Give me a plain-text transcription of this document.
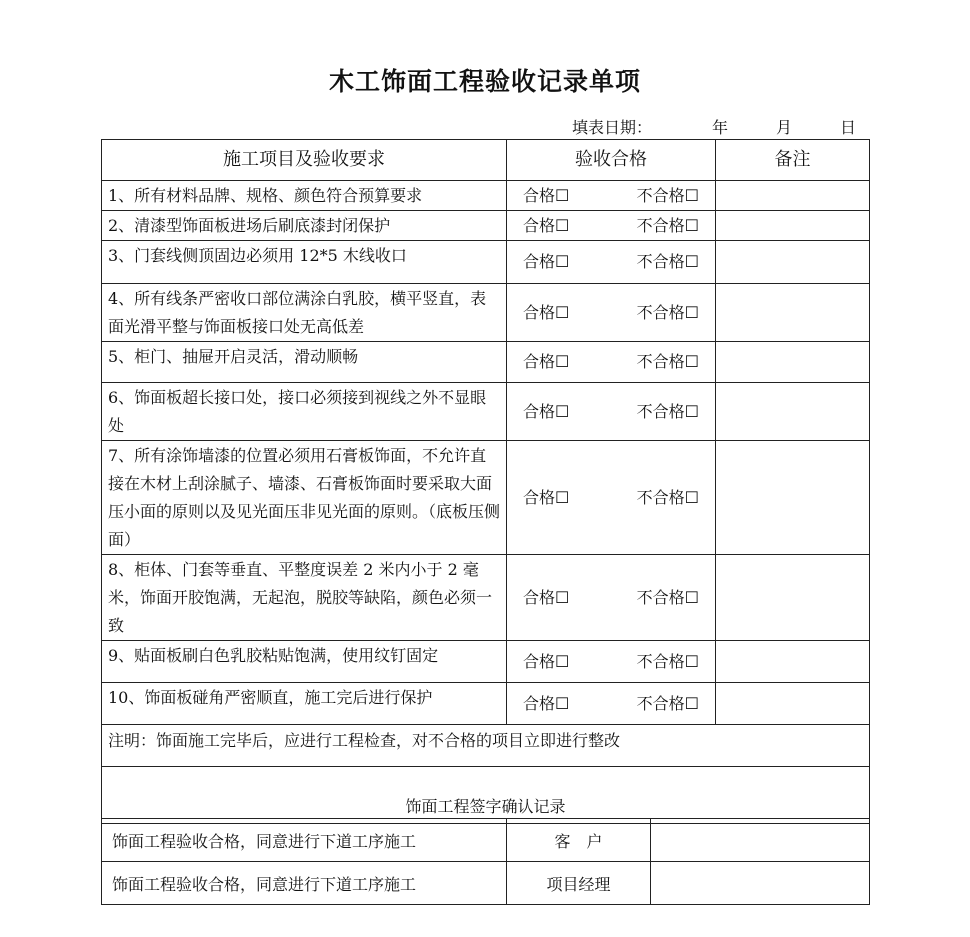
木工饰面工程验收记录单项
填表日期：	年	月	日
施工项目及验收要求	验收合格	备注
1、所有材料品牌、规格、颜色符合预算要求	合格☐ 不合格☐	

2、清漆型饰面板进场后刷底漆封闭保护	合格☐ 不合格☐	

3、门套线侧顶固边必须用 12*5 木线收口	合格☐ 不合格☐	

4、所有线条严密收口部位满涂白乳胶，横平竖直，表面光滑平整与饰面板接口处无高低差	合格☐ 不合格☐	

5、柜门、抽屉开启灵活，滑动顺畅	合格☐ 不合格☐	

6、饰面板超长接口处，接口必须接到视线之外不显眼处	合格☐ 不合格☐	

7、所有涂饰墙漆的位置必须用石膏板饰面，不允许直接在木材上刮涂腻子、墙漆、石膏板饰面时要采取大面压小面的原则以及见光面压非见光面的原则。（底板压侧面）	合格☐ 不合格☐	

8、柜体、门套等垂直、平整度误差 2 米内小于 2 毫米，饰面开胶饱满，无起泡，脱胶等缺陷，颜色必须一致	合格☐ 不合格☐	

9、贴面板刷白色乳胶粘贴饱满，使用纹钉固定	合格☐ 不合格☐	

10、饰面板碰角严密顺直，施工完后进行保护	合格☐ 不合格☐	

注明：饰面施工完毕后，应进行工程检查，对不合格的项目立即进行整改		
饰面工程签字确认记录		
饰面工程验收合格，同意进行下道工序施工	客　户	
饰面工程验收合格，同意进行下道工序施工	项目经理	
